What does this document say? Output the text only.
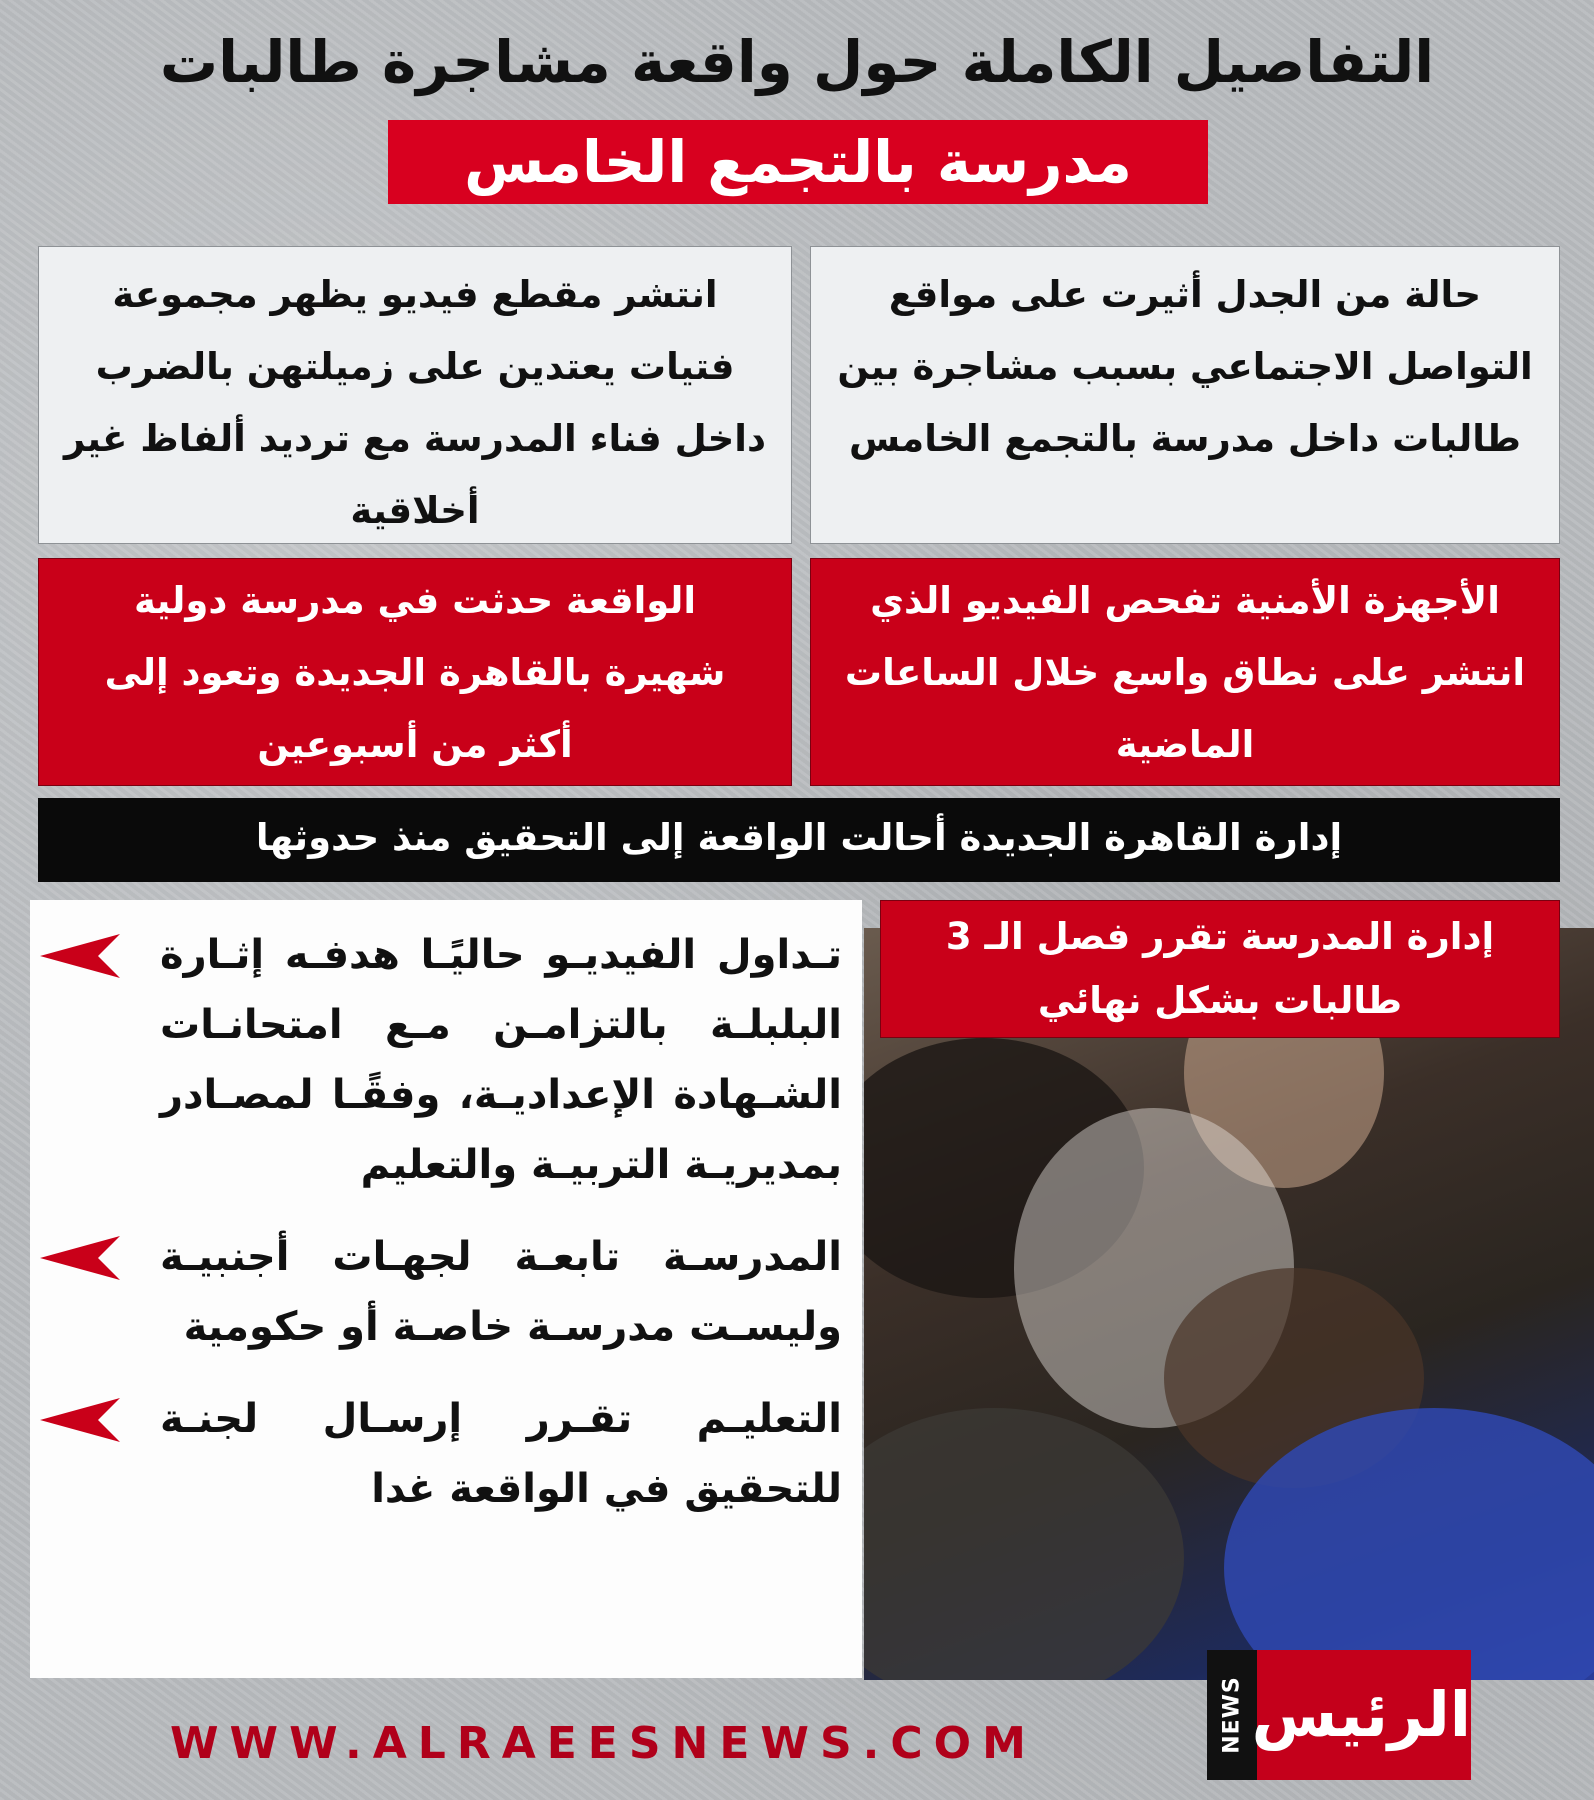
التفاصيل الكاملة حول واقعة مشاجرة طالبات
مدرسة بالتجمع الخامس
حالة من الجدل أثيرت على مواقع التواصل الاجتماعي بسبب مشاجرة بين طالبات داخل مدرسة بالتجمع الخامس
انتشر مقطع فيديو يظهر مجموعة فتيات يعتدين على زميلتهن بالضرب داخل فناء المدرسة مع ترديد ألفاظ غير أخلاقية
الأجهزة الأمنية تفحص الفيديو الذي انتشر على نطاق واسع خلال الساعات الماضية
الواقعة حدثت في مدرسة دولية شهيرة بالقاهرة الجديدة وتعود إلى أكثر من أسبوعين
إدارة القاهرة الجديدة أحالت الواقعة إلى التحقيق منذ حدوثها
إدارة المدرسة تقرر فصل الـ 3 طالبات بشكل نهائي
تـداول الفيديـو حاليًـا هدفـه إثـارة البلبلـة بالتزامـن مـع امتحانـات الشـهادة الإعداديـة، وفقًـا لمصـادر بمديريـة التربيـة والتعليم
المدرسـة تابعـة لجهـات أجنبيـة وليسـت مدرسـة خاصـة أو حكومية
التعليـم تقـرر إرسـال لجنـة للتحقيق في الواقعة غدا
WWW.ALRAEESNEWS.COM	NEWS الرئيس
